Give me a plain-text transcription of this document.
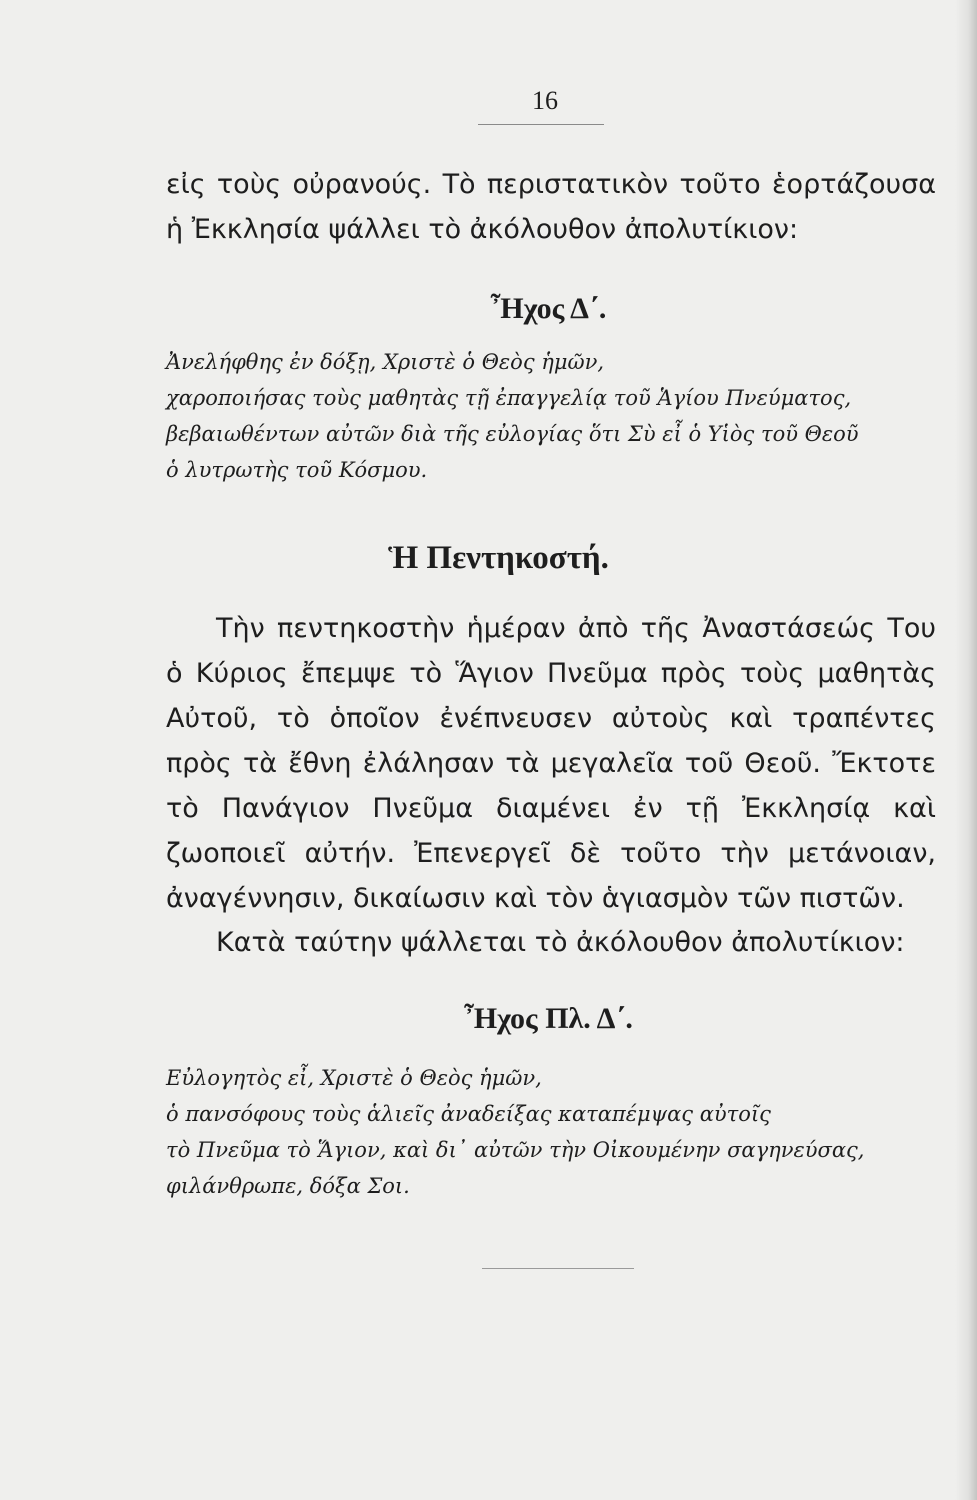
16

εἰς τοὺς οὐρανούς. Τὸ περιστατικὸν τοῦτο ἑορτάζουσα ἡ Ἐκκλησία ψάλλει τὸ ἀκόλουθον ἀπολυτίκιον:

Ἦχος Δ΄.
Ἀνελήφθης ἐν δόξῃ, Χριστὲ ὁ Θεὸς ἡμῶν,
χαροποιήσας τοὺς μαθητὰς τῇ ἐπαγγελίᾳ τοῦ Ἁγίου Πνεύματος,
βεβαιωθέντων αὐτῶν διὰ τῆς εὐλογίας ὅτι Σὺ εἶ ὁ Υἱὸς τοῦ Θεοῦ
ὁ λυτρωτὴς τοῦ Κόσμου.
Ἡ Πεντηκοστή.

Τὴν πεντηκοστὴν ἡμέραν ἀπὸ τῆς Ἀναστάσεώς Του ὁ Κύριος ἔπεμψε τὸ Ἅγιον Πνεῦμα πρὸς τοὺς μαθητὰς Αὐτοῦ, τὸ ὁποῖον ἐνέπνευσεν αὐτοὺς καὶ τραπέντες πρὸς τὰ ἔθνη ἐλάλησαν τὰ μεγαλεῖα τοῦ Θεοῦ. Ἔκτοτε τὸ Πανάγιον Πνεῦμα διαμένει ἐν τῇ Ἐκκλησίᾳ καὶ ζωοποιεῖ αὐτήν. Ἐπενεργεῖ δὲ τοῦτο τὴν μετάνοιαν, ἀναγέννησιν, δικαίωσιν καὶ τὸν ἁγιασμὸν τῶν πιστῶν.

Κατὰ ταύτην ψάλλεται τὸ ἀκόλουθον ἀπολυτίκιον:

Ἦχος Πλ. Δ΄.
Εὐλογητὸς εἶ, Χριστὲ ὁ Θεὸς ἡμῶν,
ὁ πανσόφους τοὺς ἁλιεῖς ἀναδείξας καταπέμψας αὐτοῖς
τὸ Πνεῦμα τὸ Ἅγιον, καὶ δι᾽ αὐτῶν τὴν Οἰκουμένην σαγηνεύσας,
φιλάνθρωπε, δόξα Σοι.
